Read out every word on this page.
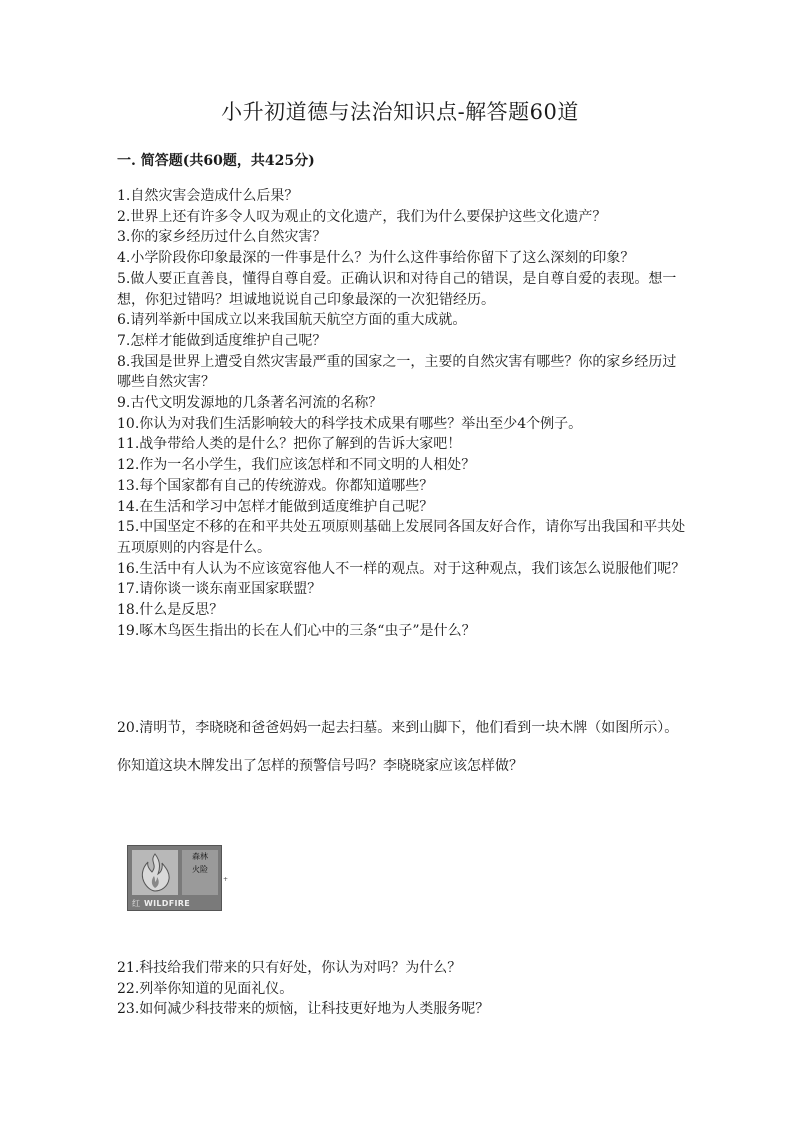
小升初道德与法治知识点-解答题60道
一. 简答题(共60题，共425分)
1.自然灾害会造成什么后果？
2.世界上还有许多令人叹为观止的文化遗产，我们为什么要保护这些文化遗产？
3.你的家乡经历过什么自然灾害？
4.小学阶段你印象最深的一件事是什么？为什么这件事给你留下了这么深刻的印象？
5.做人要正直善良，懂得自尊自爱。正确认识和对待自己的错误，是自尊自爱的表现。想一想，你犯过错吗？坦诚地说说自己印象最深的一次犯错经历。
6.请列举新中国成立以来我国航天航空方面的重大成就。
7.怎样才能做到适度维护自己呢？
8.我国是世界上遭受自然灾害最严重的国家之一，主要的自然灾害有哪些？你的家乡经历过哪些自然灾害？
9.古代文明发源地的几条著名河流的名称？
10.你认为对我们生活影响较大的科学技术成果有哪些？举出至少4个例子。
11.战争带给人类的是什么？把你了解到的告诉大家吧！
12.作为一名小学生，我们应该怎样和不同文明的人相处？
13.每个国家都有自己的传统游戏。你都知道哪些？
14.在生活和学习中怎样才能做到适度维护自己呢？
15.中国坚定不移的在和平共处五项原则基础上发展同各国友好合作，请你写出我国和平共处五项原则的内容是什么。
16.生活中有人认为不应该宽容他人不一样的观点。对于这种观点，我们该怎么说服他们呢？
17.请你谈一谈东南亚国家联盟？
18.什么是反思？
19.啄木鸟医生指出的长在人们心中的三条“虫子”是什么？

20.清明节，李晓晓和爸爸妈妈一起去扫墓。来到山脚下，他们看到一块木牌（如图所示）。你知道这块木牌发出了怎样的预警信号吗？李晓晓家应该怎样做？

森林
火险
红 WILDFIRE
+
21.科技给我们带来的只有好处，你认为对吗？为什么？
22.列举你知道的见面礼仪。
23.如何减少科技带来的烦恼，让科技更好地为人类服务呢？
